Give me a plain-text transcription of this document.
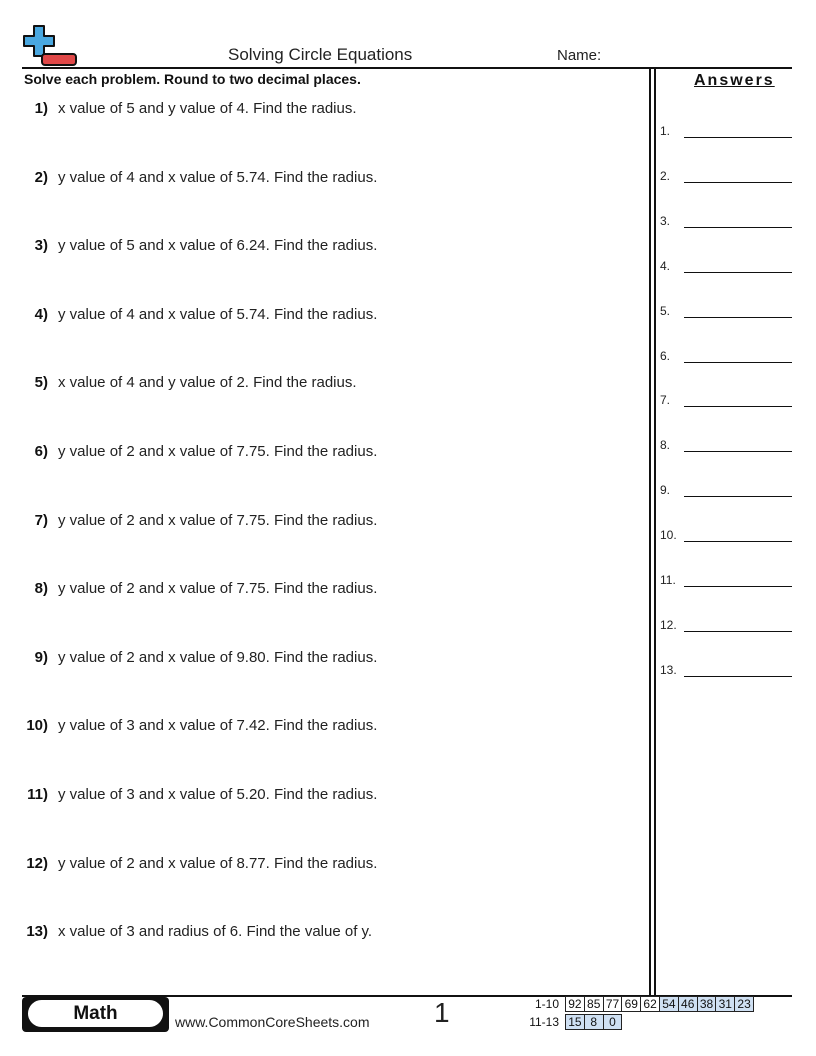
Solving Circle Equations	Name:
Solve each problem. Round to two decimal places.
1) x value of 5 and y value of 4. Find the radius.
2) y value of 4 and x value of 5.74. Find the radius.
3) y value of 5 and x value of 6.24. Find the radius.
4) y value of 4 and x value of 5.74. Find the radius.
5) x value of 4 and y value of 2. Find the radius.
6) y value of 2 and x value of 7.75. Find the radius.
7) y value of 2 and x value of 7.75. Find the radius.
8) y value of 2 and x value of 7.75. Find the radius.
9) y value of 2 and x value of 9.80. Find the radius.
10) y value of 3 and x value of 7.42. Find the radius.
11) y value of 3 and x value of 5.20. Find the radius.
12) y value of 2 and x value of 8.77. Find the radius.
13) x value of 3 and radius of 6. Find the value of y.
Answers
1.
2.
3.
4.
5.
6.
7.
8.
9.
10.
11.
12.
13.
Math	www.CommonCoreSheets.com 1	1-10 92 85 77 69 62 54 46 38 31 23
11-13 15 8	0
